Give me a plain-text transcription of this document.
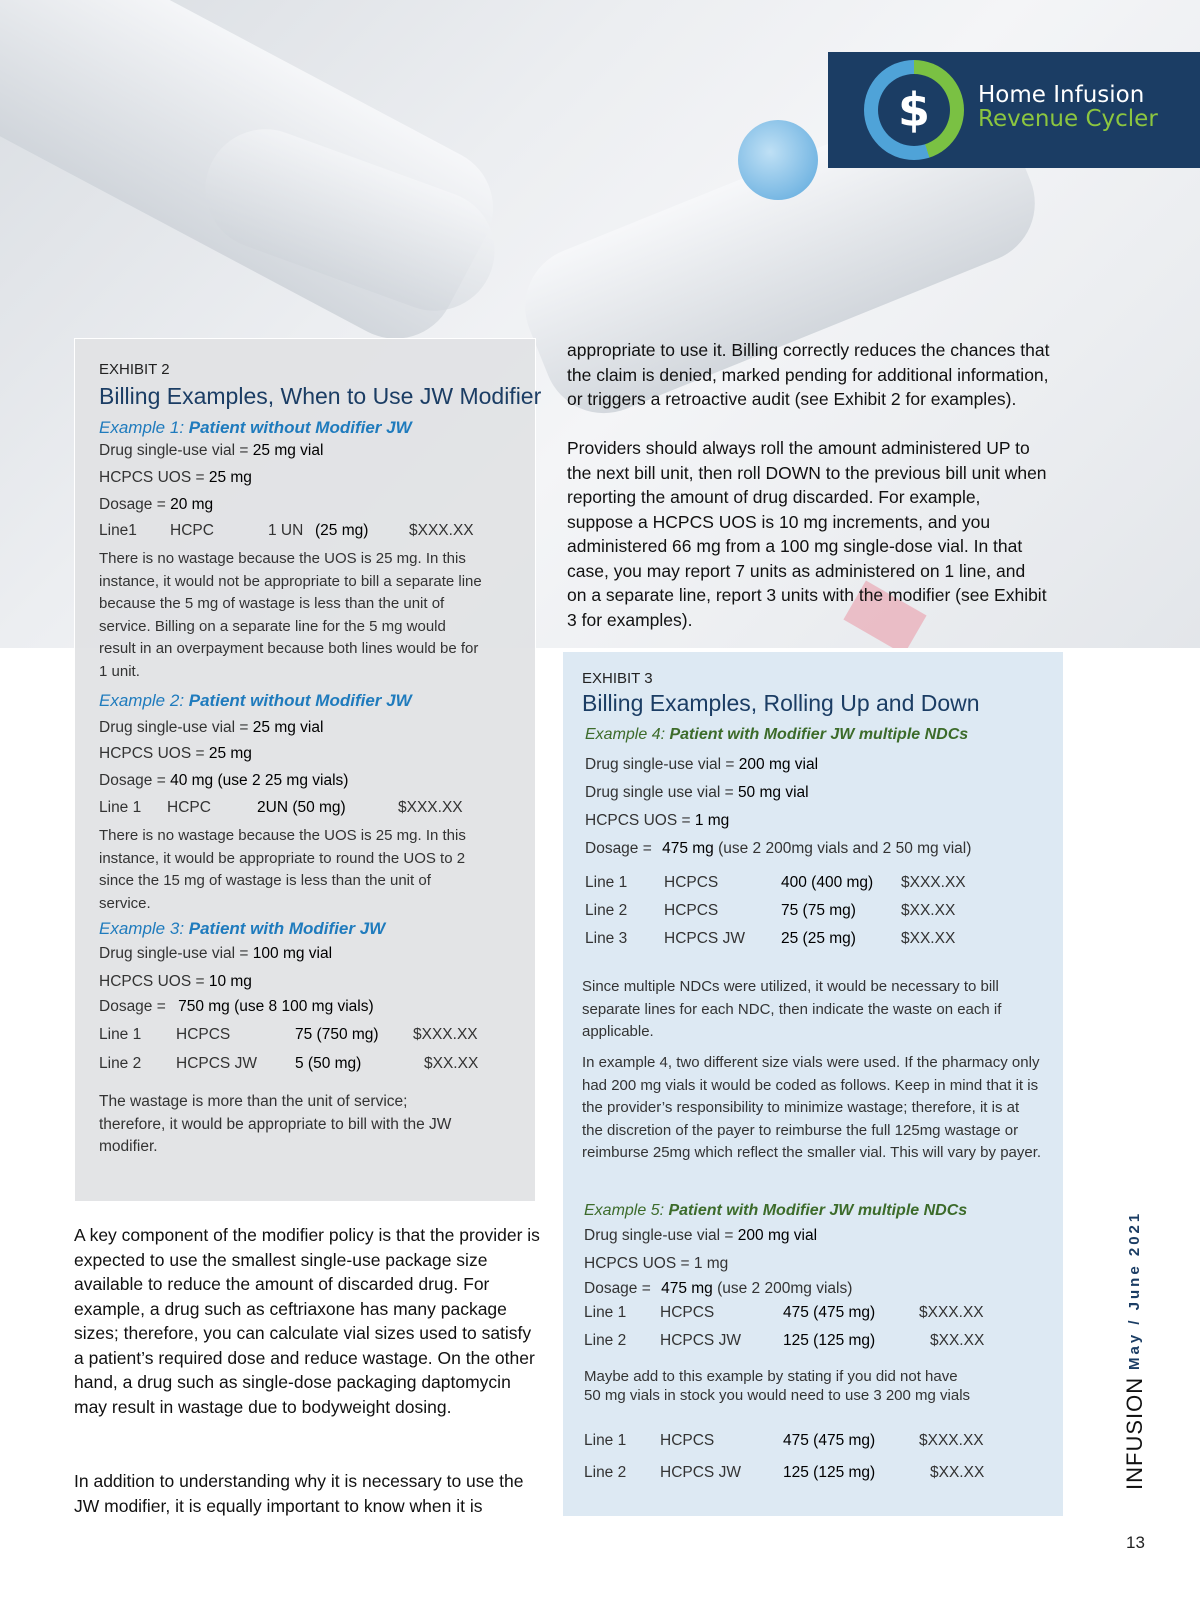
$	Home Infusion
Revenue Cycler
EXHIBIT 2
Billing Examples, When to Use JW Modifier
Example 1: Patient without Modifier JW
Drug single-use vial = 25 mg vial
HCPCS UOS = 25 mg
Dosage = 20 mg
Line1 HCPC	1 UN (25 mg)	$XXX.XX
There is no wastage because the UOS is 25 mg. In this instance, it would not be appropriate to bill a separate line because the 5 mg of wastage is less than the unit of service. Billing on a separate line for the 5 mg would result in an overpayment because both lines would be for 1 unit.
Example 2: Patient without Modifier JW
Drug single-use vial = 25 mg vial
HCPCS UOS = 25 mg
Dosage = 40 mg (use 2 25 mg vials)
Line 1 HCPC	2UN (50 mg)	$XXX.XX
There is no wastage because the UOS is 25 mg. In this instance, it would be appropriate to round the UOS to 2 since the 15 mg of wastage is less than the unit of service.
Example 3: Patient with Modifier JW
Drug single-use vial = 100 mg vial
HCPCS UOS = 10 mg
Dosage = 750 mg (use 8 100 mg vials)
Line 1 HCPCS	75 (750 mg) $XXX.XX
Line 2 HCPCS JW 5 (50 mg)	$XX.XX
The wastage is more than the unit of service; therefore, it would be appropriate to bill with the JW modifier.
appropriate to use it. Billing correctly reduces the chances that the claim is denied, marked pending for additional information, or triggers a retroactive audit (see Exhibit 2 for examples).
Providers should always roll the amount administered UP to the next bill unit, then roll DOWN to the previous bill unit when reporting the amount of drug discarded. For example, suppose a HCPCS UOS is 10 mg increments, and you administered 66 mg from a 100 mg single-dose vial. In that case, you may report 7 units as administered on 1 line, and on a separate line, report 3 units with the modifier (see Exhibit 3 for examples).
EXHIBIT 3
Billing Examples, Rolling Up and Down
Example 4: Patient with Modifier JW multiple NDCs
Drug single-use vial = 200 mg vial
Drug single use vial = 50 mg vial
HCPCS UOS = 1 mg
Dosage = 475 mg (use 2 200mg vials and 2 50 mg vial)
Line 1 HCPCS	400 (400 mg) $XXX.XX
Line 2 HCPCS	75 (75 mg)	$XX.XX
Line 3 HCPCS JW 25 (25 mg)	$XX.XX
Since multiple NDCs were utilized, it would be necessary to bill separate lines for each NDC, then indicate the waste on each if applicable.
In example 4, two different size vials were used. If the pharmacy only had 200 mg vials it would be coded as follows. Keep in mind that it is the provider’s responsibility to minimize wastage; therefore, it is at the discretion of the payer to reimburse the full 125mg wastage or reimburse 25mg which reflect the smaller vial. This will vary by payer.
Example 5: Patient with Modifier JW multiple NDCs
Drug single-use vial = 200 mg vial
HCPCS UOS = 1 mg
Dosage = 475 mg (use 2 200mg vials)
Line 1 HCPCS	475 (475 mg)	$XXX.XX
Line 2 HCPCS JW	125 (125 mg)	$XX.XX
Maybe add to this example by stating if you did not have 50 mg vials in stock you would need to use 3 200 mg vials
Line 1 HCPCS	475 (475 mg)	$XXX.XX
Line 2 HCPCS JW	125 (125 mg)	$XX.XX
A key component of the modifier policy is that the provider is expected to use the smallest single-use package size available to reduce the amount of discarded drug. For example, a drug such as ceftriaxone has many package sizes; therefore, you can calculate vial sizes used to satisfy a patient’s required dose and reduce wastage. On the other hand, a drug such as single-dose packaging daptomycin may result in wastage due to bodyweight dosing.
In addition to understanding why it is necessary to use the JW modifier, it is equally important to know when it is
May / June 2021
INFUSION
13
